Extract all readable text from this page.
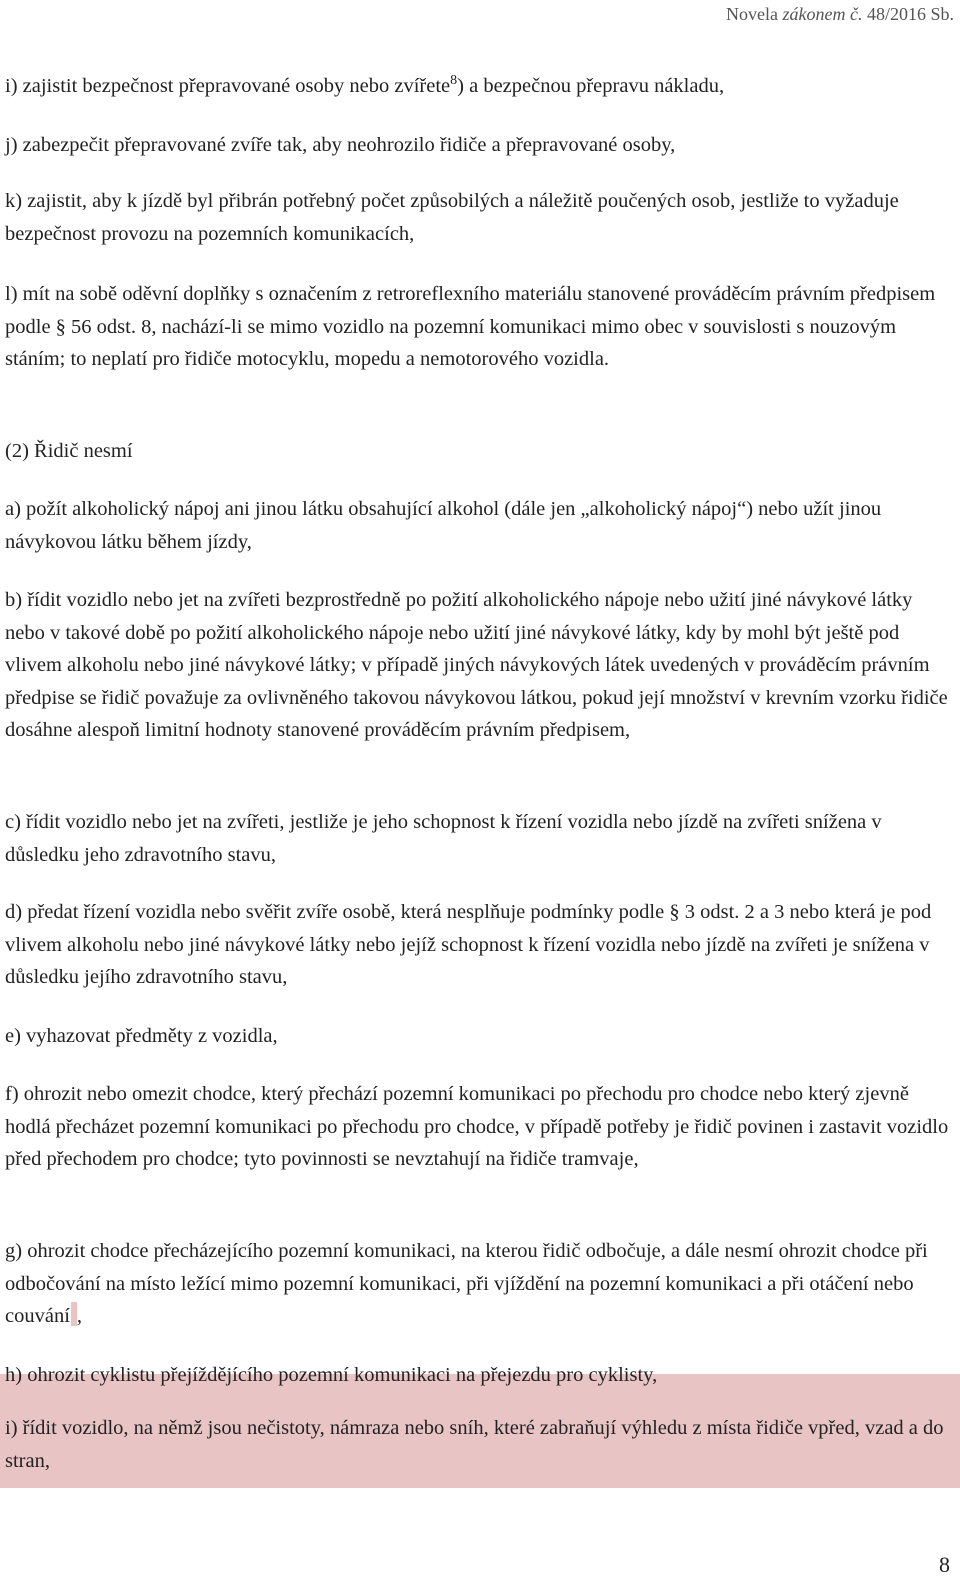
Novela zákonem č. 48/2016 Sb.

i) zajistit bezpečnost přepravované osoby nebo zvířete$^8$) a bezpečnou přepravu nákladu,

j) zabezpečit přepravované zvíře tak, aby neohrozilo řidiče a přepravované osoby,

k) zajistit, aby k jízdě byl přibrán potřebný počet způsobilých a náležitě poučených osob, jestliže to vyžaduje bezpečnost provozu na pozemních komunikacích,

l) mít na sobě oděvní doplňky s označením z retroreflexního materiálu stanovené prováděcím právním předpisem podle § 56 odst. 8, nachází-li se mimo vozidlo na pozemní komunikaci mimo obec v souvislosti s nouzovým stáním; to neplatí pro řidiče motocyklu, mopedu a nemotorového vozidla.

(2) Řidič nesmí

a) požít alkoholický nápoj ani jinou látku obsahující alkohol (dále jen „alkoholický nápoj“) nebo užít jinou návykovou látku během jízdy,

b) řídit vozidlo nebo jet na zvířeti bezprostředně po požití alkoholického nápoje nebo užití jiné návykové látky nebo v takové době po požití alkoholického nápoje nebo užití jiné návykové látky, kdy by mohl být ještě pod vlivem alkoholu nebo jiné návykové látky; v případě jiných návykových látek uvedených v prováděcím právním předpise se řidič považuje za ovlivněného takovou návykovou látkou, pokud její množství v krevním vzorku řidiče dosáhne alespoň limitní hodnoty stanovené prováděcím právním předpisem,

c) řídit vozidlo nebo jet na zvířeti, jestliže je jeho schopnost k řízení vozidla nebo jízdě na zvířeti snížena v důsledku jeho zdravotního stavu,

d) předat řízení vozidla nebo svěřit zvíře osobě, která nesplňuje podmínky podle § 3 odst. 2 a 3 nebo která je pod vlivem alkoholu nebo jiné návykové látky nebo jejíž schopnost k řízení vozidla nebo jízdě na zvířeti je snížena v důsledku jejího zdravotního stavu,

e) vyhazovat předměty z vozidla,

f) ohrozit nebo omezit chodce, který přechází pozemní komunikaci po přechodu pro chodce nebo který zjevně hodlá přecházet pozemní komunikaci po přechodu pro chodce, v případě potřeby je řidič povinen i zastavit vozidlo před přechodem pro chodce; tyto povinnosti se nevztahují na řidiče tramvaje,

g) ohrozit chodce přecházejícího pozemní komunikaci, na kterou řidič odbočuje, a dále nesmí ohrozit chodce při odbočování na místo ležící mimo pozemní komunikaci, při vjíždění na pozemní komunikaci a při otáčení nebo couvání ,

h) ohrozit cyklistu přejíždějícího pozemní komunikaci na přejezdu pro cyklisty,

i) řídit vozidlo, na němž jsou nečistoty, námraza nebo sníh, které zabraňují výhledu z místa řidiče vpřed, vzad a do stran,

8
